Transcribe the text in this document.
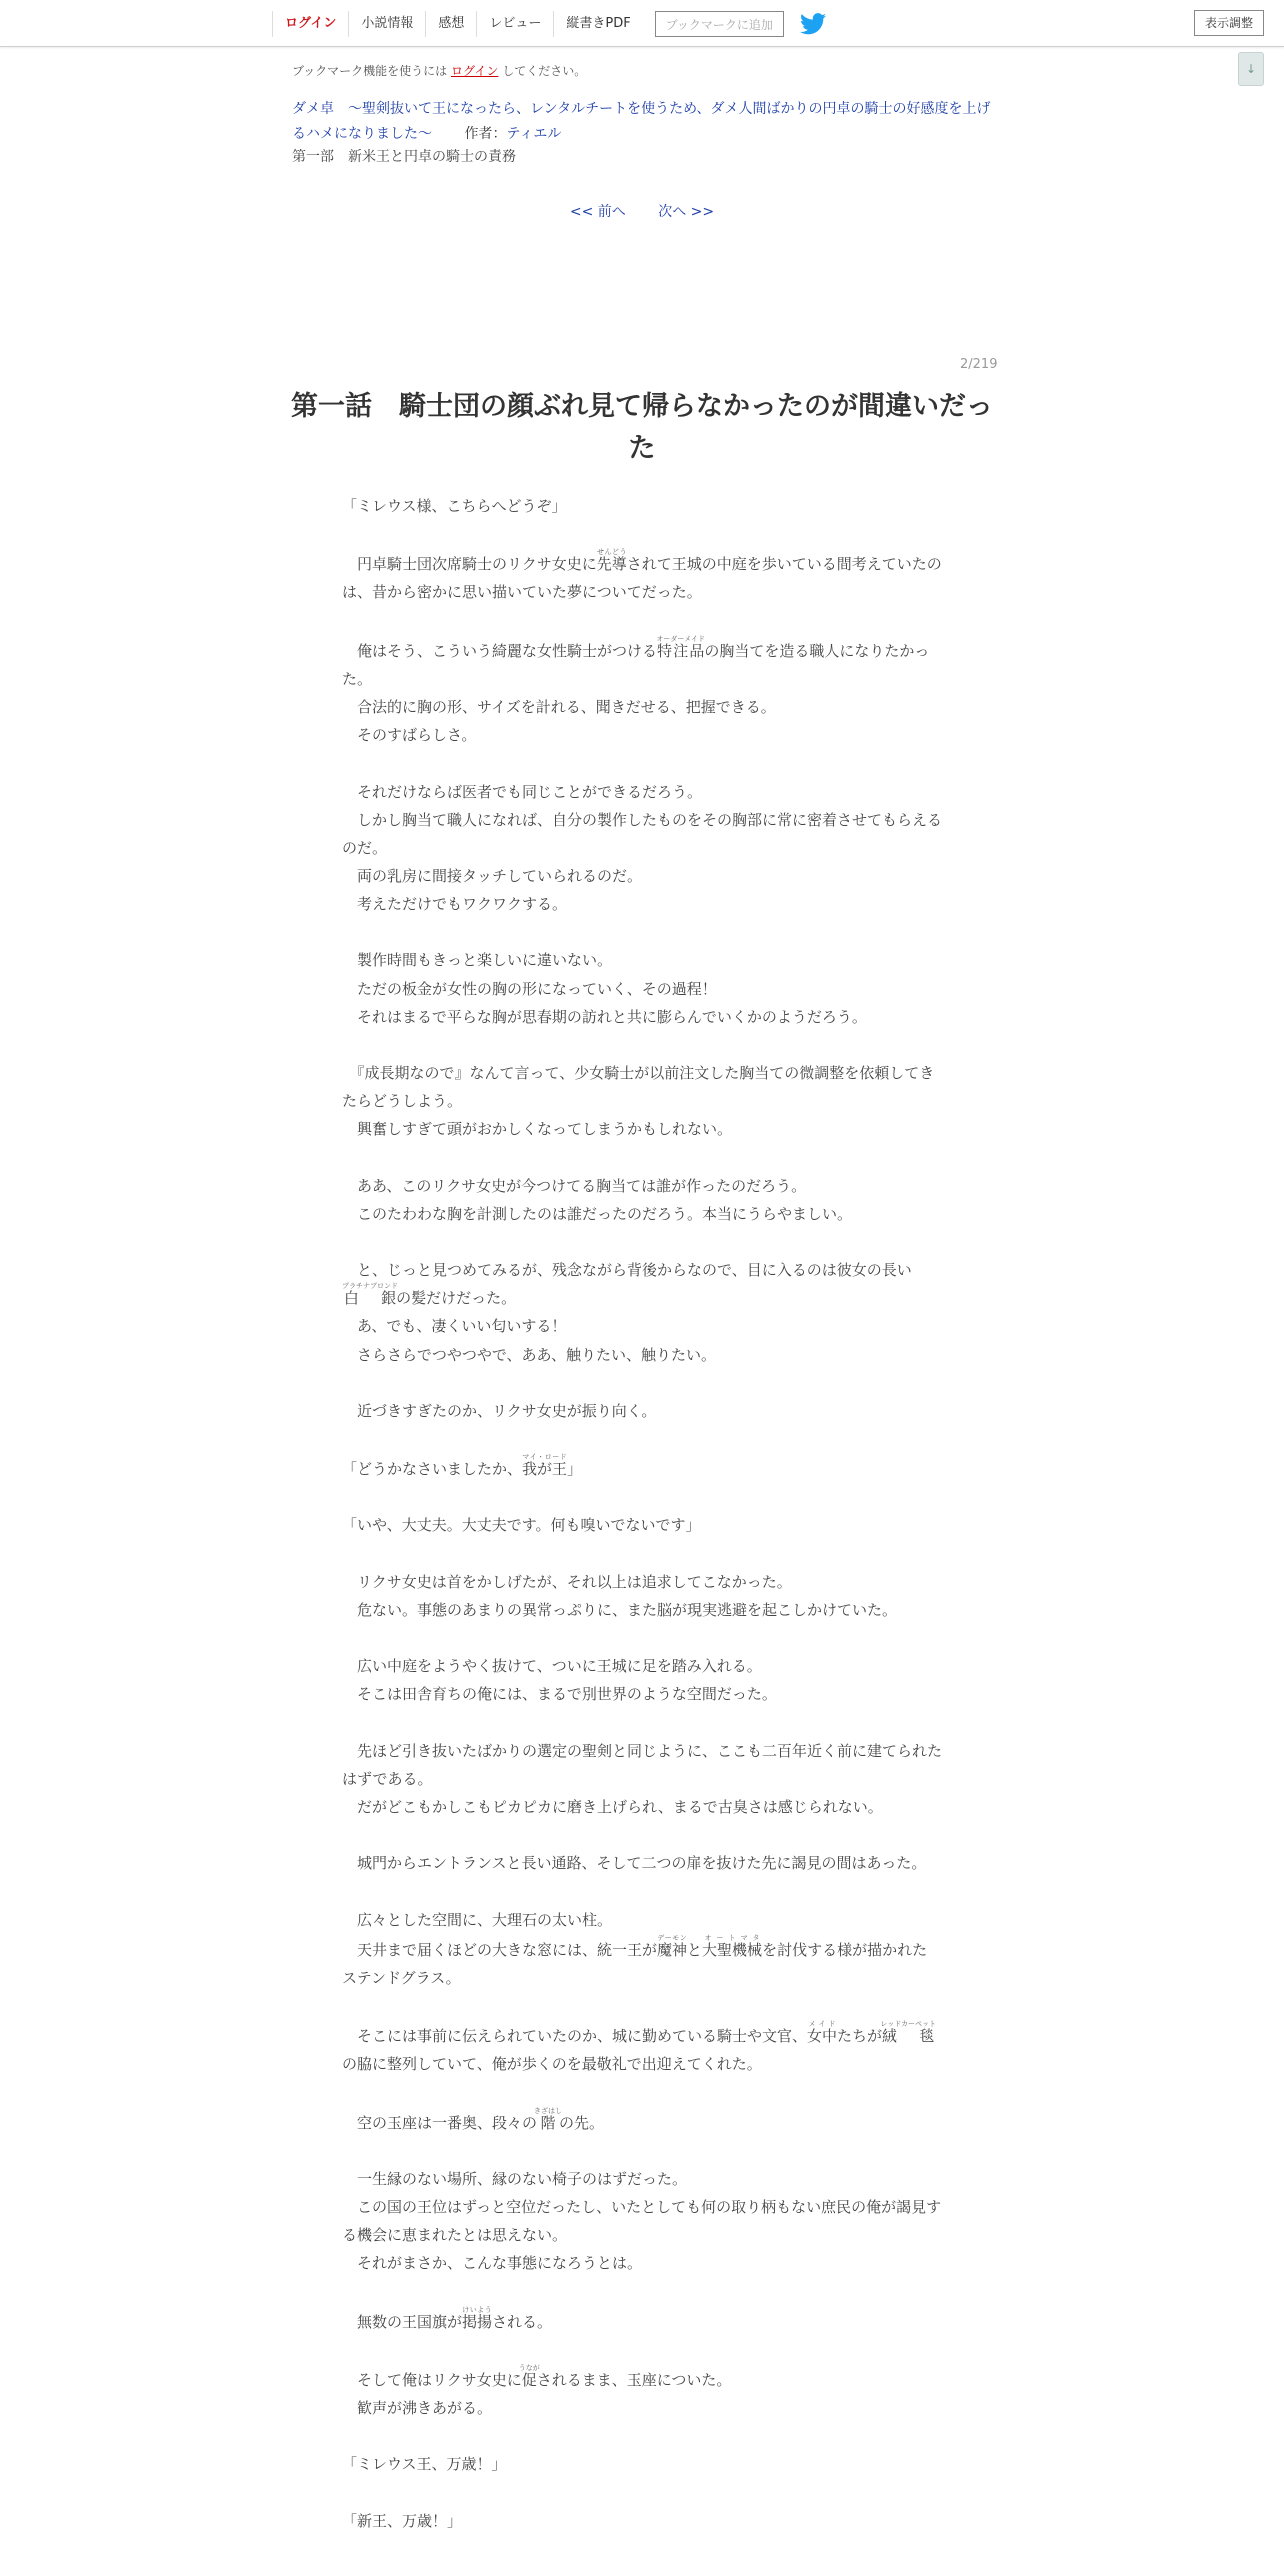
ログイン	小説情報	感想	レビュー	縦書きPDF	ブックマークに追加	表示調整
↓
ブックマーク機能を使うには ログイン してください。
ダメ卓　～聖剣抜いて王になったら、レンタルチートを使うため、ダメ人間ばかりの円卓の騎士の好感度を上げるハメになりました～ 作者：ティエル
第一部　新米王と円卓の騎士の責務
<< 前へ 次へ >>
2/219
第一話　騎士団の顔ぶれ見て帰らなかったのが間違いだった
「ミレウス様、こちらへどうぞ」
　円卓騎士団次席騎士のリクサ女史に先導せんどうされて王城の中庭を歩いている間考えていたのは、昔から密かに思い描いていた夢についてだった。
　俺はそう、こういう綺麗な女性騎士がつける特注品オーダーメイドの胸当てを造る職人になりたかった。
　合法的に胸の形、サイズを計れる、聞きだせる、把握できる。
　そのすばらしさ。
　それだけならば医者でも同じことができるだろう。
　しかし胸当て職人になれば、自分の製作したものをその胸部に常に密着させてもらえるのだ。
　両の乳房に間接タッチしていられるのだ。
　考えただけでもワクワクする。
　製作時間もきっと楽しいに違いない。
　ただの板金が女性の胸の形になっていく、その過程！
　それはまるで平らな胸が思春期の訪れと共に膨らんでいくかのようだろう。
　『成長期なので』なんて言って、少女騎士が以前注文した胸当ての微調整を依頼してきたらどうしよう。
　興奮しすぎて頭がおかしくなってしまうかもしれない。
　ああ、このリクサ女史が今つけてる胸当ては誰が作ったのだろう。
　このたわわな胸を計測したのは誰だったのだろう。本当にうらやましい。
　と、じっと見つめてみるが、残念ながら背後からなので、目に入るのは彼女の長い白　銀プラチナブロンドの髪だけだった。
　あ、でも、凄くいい匂いする！
　さらさらでつやつやで、ああ、触りたい、触りたい。
　近づきすぎたのか、リクサ女史が振り向く。
「どうかなさいましたか、我が王マイ・ロード」
「いや、大丈夫。大丈夫です。何も嗅いでないです」
　リクサ女史は首をかしげたが、それ以上は追求してこなかった。
　危ない。事態のあまりの異常っぷりに、また脳が現実逃避を起こしかけていた。
　広い中庭をようやく抜けて、ついに王城に足を踏み入れる。
　そこは田舎育ちの俺には、まるで別世界のような空間だった。
　先ほど引き抜いたばかりの選定の聖剣と同じように、ここも二百年近く前に建てられたはずである。
　だがどこもかしこもピカピカに磨き上げられ、まるで古臭さは感じられない。
　城門からエントランスと長い通路、そして二つの扉を抜けた先に謁見の間はあった。
　広々とした空間に、大理石の太い柱。
　天井まで届くほどの大きな窓には、統一王が魔神デーモンと大聖機械オートマタを討伐する様が描かれたステンドグラス。
　そこには事前に伝えられていたのか、城に勤めている騎士や文官、女中メイドたちが絨　毯レッドカーペットの脇に整列していて、俺が歩くのを最敬礼で出迎えてくれた。
　空の玉座は一番奥、段々の階きざはしの先。
　一生縁のない場所、縁のない椅子のはずだった。
　この国の王位はずっと空位だったし、いたとしても何の取り柄もない庶民の俺が謁見する機会に恵まれたとは思えない。
　それがまさか、こんな事態になろうとは。
　無数の王国旗が掲揚けいようされる。
　そして俺はリクサ女史に促うながされるまま、玉座についた。
　歓声が沸きあがる。
「ミレウス王、万歳！」
「新王、万歳！」
